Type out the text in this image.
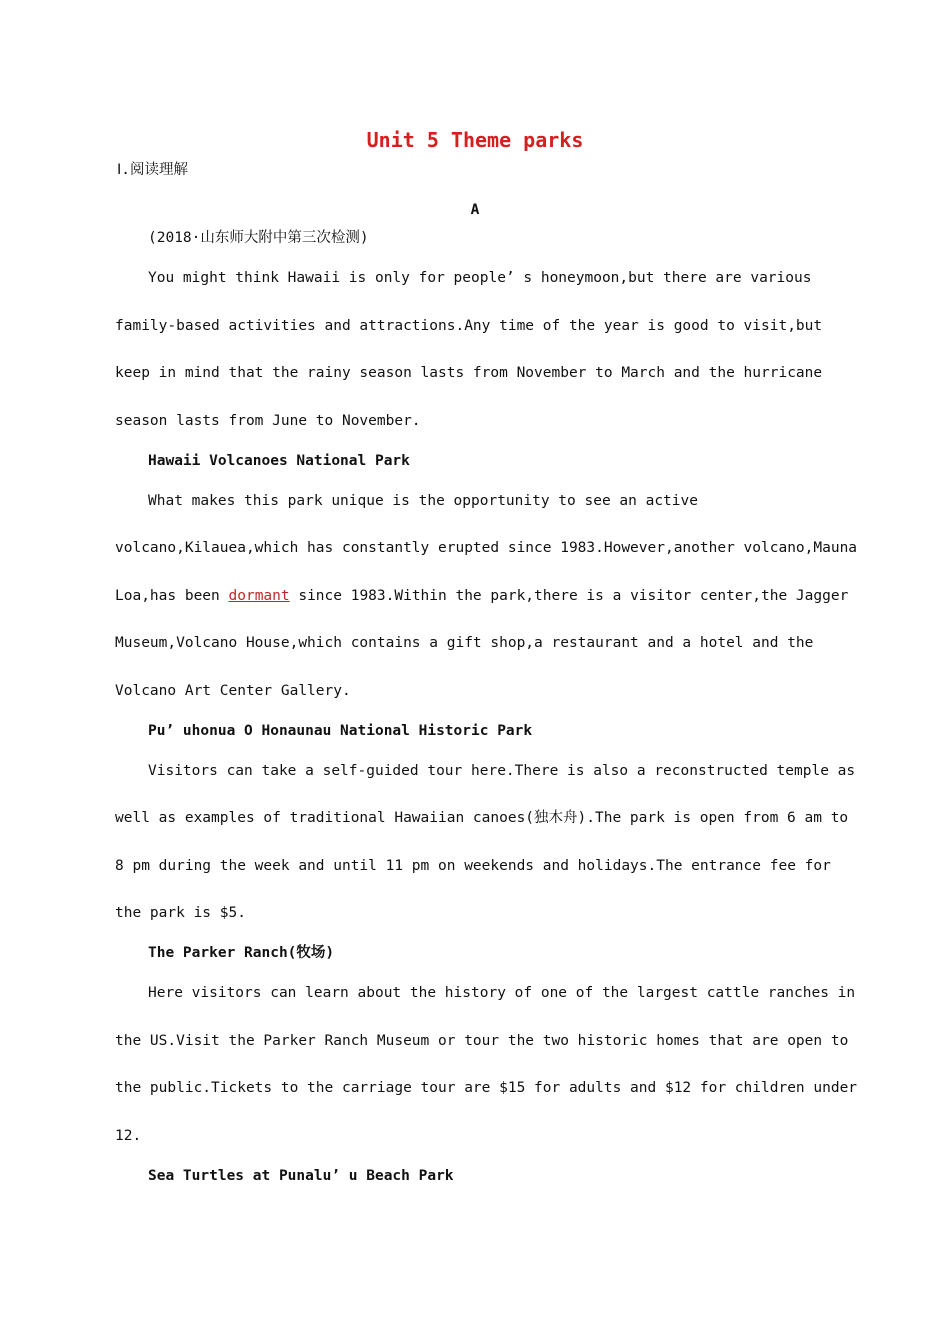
Unit 5 Theme parks
Ⅰ.阅读理解
A
(2018·山东师大附中第三次检测)
You might think Hawaii is only for people’ s honeymoon,but there are various
family-based activities and attractions.Any time of the year is good to visit,but
keep in mind that the rainy season lasts from November to March and the hurricane
season lasts from June to November.
Hawaii Volcanoes National Park
What makes this park unique is the opportunity to see an active
volcano,Kilauea,which has constantly erupted since 1983.However,another volcano,Mauna
Loa,has been dormant since 1983.Within the park,there is a visitor center,the Jagger
Museum,Volcano House,which contains a gift shop,a restaurant and a hotel and the
Volcano Art Center Gallery.
Pu’ uhonua O Honaunau National Historic Park
Visitors can take a self-guided tour here.There is also a reconstructed temple as
well as examples of traditional Hawaiian canoes(独木舟).The park is open from 6 am to
8 pm during the week and until 11 pm on weekends and holidays.The entrance fee for
the park is $5.
The Parker Ranch(牧场)
Here visitors can learn about the history of one of the largest cattle ranches in
the US.Visit the Parker Ranch Museum or tour the two historic homes that are open to
the public.Tickets to the carriage tour are $15 for adults and $12 for children under
12.
Sea Turtles at Punalu’ u Beach Park
